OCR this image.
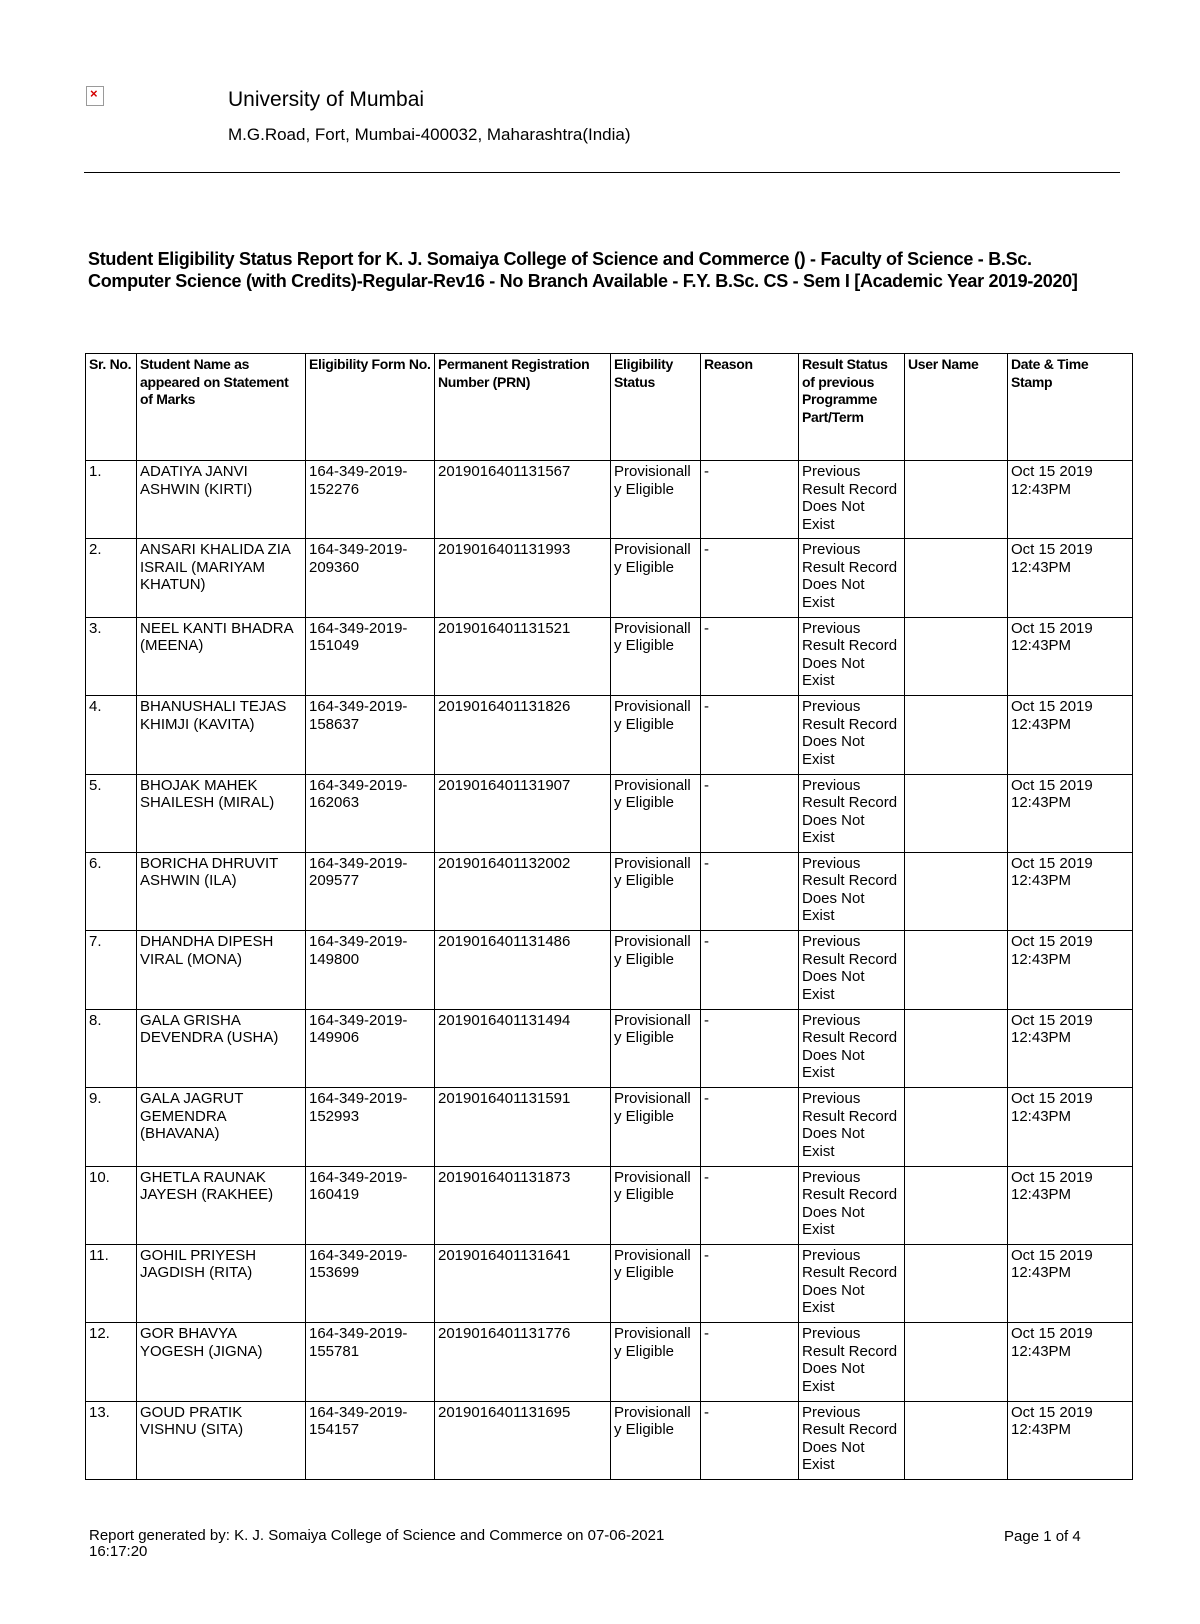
×	University of Mumbai
M.G.Road, Fort, Mumbai-400032, Maharashtra(India)
Student Eligibility Status Report for K. J. Somaiya College of Science and Commerce () - Faculty of Science - B.Sc. Computer Science (with Credits)-Regular-Rev16 - No Branch Available - F.Y. B.Sc. CS - Sem I [Academic Year 2019-2020]
Sr. No.	Student Name as appeared on Statement of Marks	Eligibility Form No.	Permanent Registration Number (PRN)	Eligibility Status	Reason	Result Status of previous Programme Part/Term	User Name	Date & Time Stamp
1.	ADATIYA JANVI ASHWIN (KIRTI)	164-349-2019-152276	2019016401131567	Provisionally Eligible	-	Previous Result Record Does Not Exist		Oct 15 2019 12:43PM
2.	ANSARI KHALIDA ZIA ISRAIL (MARIYAM KHATUN)	164-349-2019-209360	2019016401131993	Provisionally Eligible	-	Previous Result Record Does Not Exist		Oct 15 2019 12:43PM
3.	NEEL KANTI BHADRA (MEENA)	164-349-2019-151049	2019016401131521	Provisionally Eligible	-	Previous Result Record Does Not Exist		Oct 15 2019 12:43PM
4.	BHANUSHALI TEJAS KHIMJI (KAVITA)	164-349-2019-158637	2019016401131826	Provisionally Eligible	-	Previous Result Record Does Not Exist		Oct 15 2019 12:43PM
5.	BHOJAK MAHEK SHAILESH (MIRAL)	164-349-2019-162063	2019016401131907	Provisionally Eligible	-	Previous Result Record Does Not Exist		Oct 15 2019 12:43PM
6.	BORICHA DHRUVIT ASHWIN (ILA)	164-349-2019-209577	2019016401132002	Provisionally Eligible	-	Previous Result Record Does Not Exist		Oct 15 2019 12:43PM
7.	DHANDHA DIPESH VIRAL (MONA)	164-349-2019-149800	2019016401131486	Provisionally Eligible	-	Previous Result Record Does Not Exist		Oct 15 2019 12:43PM
8.	GALA GRISHA DEVENDRA (USHA)	164-349-2019-149906	2019016401131494	Provisionally Eligible	-	Previous Result Record Does Not Exist		Oct 15 2019 12:43PM
9.	GALA JAGRUT GEMENDRA (BHAVANA)	164-349-2019-152993	2019016401131591	Provisionally Eligible	-	Previous Result Record Does Not Exist		Oct 15 2019 12:43PM
10.	GHETLA RAUNAK JAYESH (RAKHEE)	164-349-2019-160419	2019016401131873	Provisionally Eligible	-	Previous Result Record Does Not Exist		Oct 15 2019 12:43PM
11.	GOHIL PRIYESH JAGDISH (RITA)	164-349-2019-153699	2019016401131641	Provisionally Eligible	-	Previous Result Record Does Not Exist		Oct 15 2019 12:43PM
12.	GOR BHAVYA YOGESH (JIGNA)	164-349-2019-155781	2019016401131776	Provisionally Eligible	-	Previous Result Record Does Not Exist		Oct 15 2019 12:43PM
13.	GOUD PRATIK VISHNU (SITA)	164-349-2019-154157	2019016401131695	Provisionally Eligible	-	Previous Result Record Does Not Exist		Oct 15 2019 12:43PM
Report generated by: K. J. Somaiya College of Science and Commerce on 07-06-2021 16:17:20
Page 1 of 4
